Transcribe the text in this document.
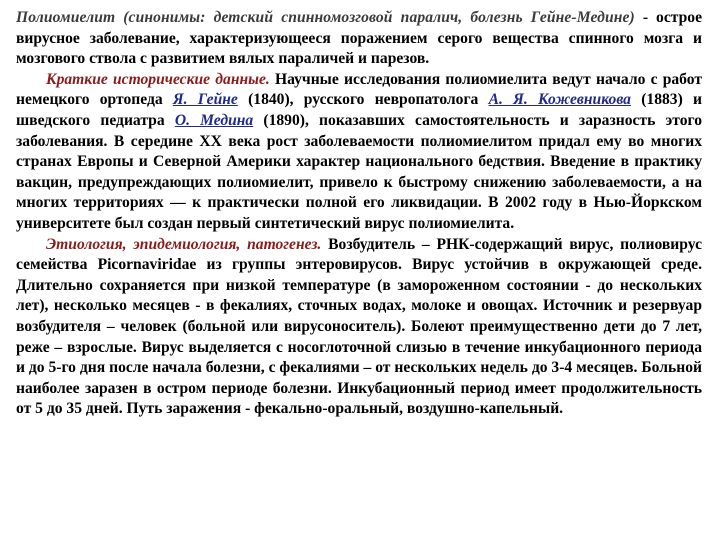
Полиомиелит (синонимы: детский спинномозговой паралич, болезнь Гейне-Медине) - острое вирусное заболевание, характеризующееся поражением серого вещества спинного мозга и мозгового ствола с развитием вялых параличей и парезов.

Краткие исторические данные. Научные исследования полиомиелита ведут начало с работ немецкого ортопеда Я. Гейне (1840), русского невропатолога А. Я. Кожевникова (1883) и шведского педиатра О. Медина (1890), показавших самостоятельность и заразность этого заболевания. В середине XX века рост заболеваемости полиомиелитом придал ему во многих странах Европы и Северной Америки характер национального бедствия. Введение в практику вакцин, предупреждающих полиомиелит, привело к быстрому снижению заболеваемости, а на многих территориях — к практически полной его ликвидации. В 2002 году в Нью-Йоркском университете был создан первый синтетический вирус полиомиелита.

Этиология, эпидемиология, патогенез. Возбудитель – РНК-содержащий вирус, полиовирус семейства Picornaviridae из группы энтеровирусов. Вирус устойчив в окружающей среде. Длительно сохраняется при низкой температуре (в замороженном состоянии - до нескольких лет), несколько месяцев - в фекалиях, сточных водах, молоке и овощах. Источник и резервуар возбудителя – человек (больной или вирусоноситель). Болеют преимущественно дети до 7 лет, реже – взрослые. Вирус выделяется с носоглоточной слизью в течение инкубационного периода и до 5-го дня после начала болезни, с фекалиями – от нескольких недель до 3-4 месяцев. Больной наиболее заразен в остром периоде болезни. Инкубационный период имеет продолжительность от 5 до 35 дней. Путь заражения - фекально-оральный, воздушно-капельный.
